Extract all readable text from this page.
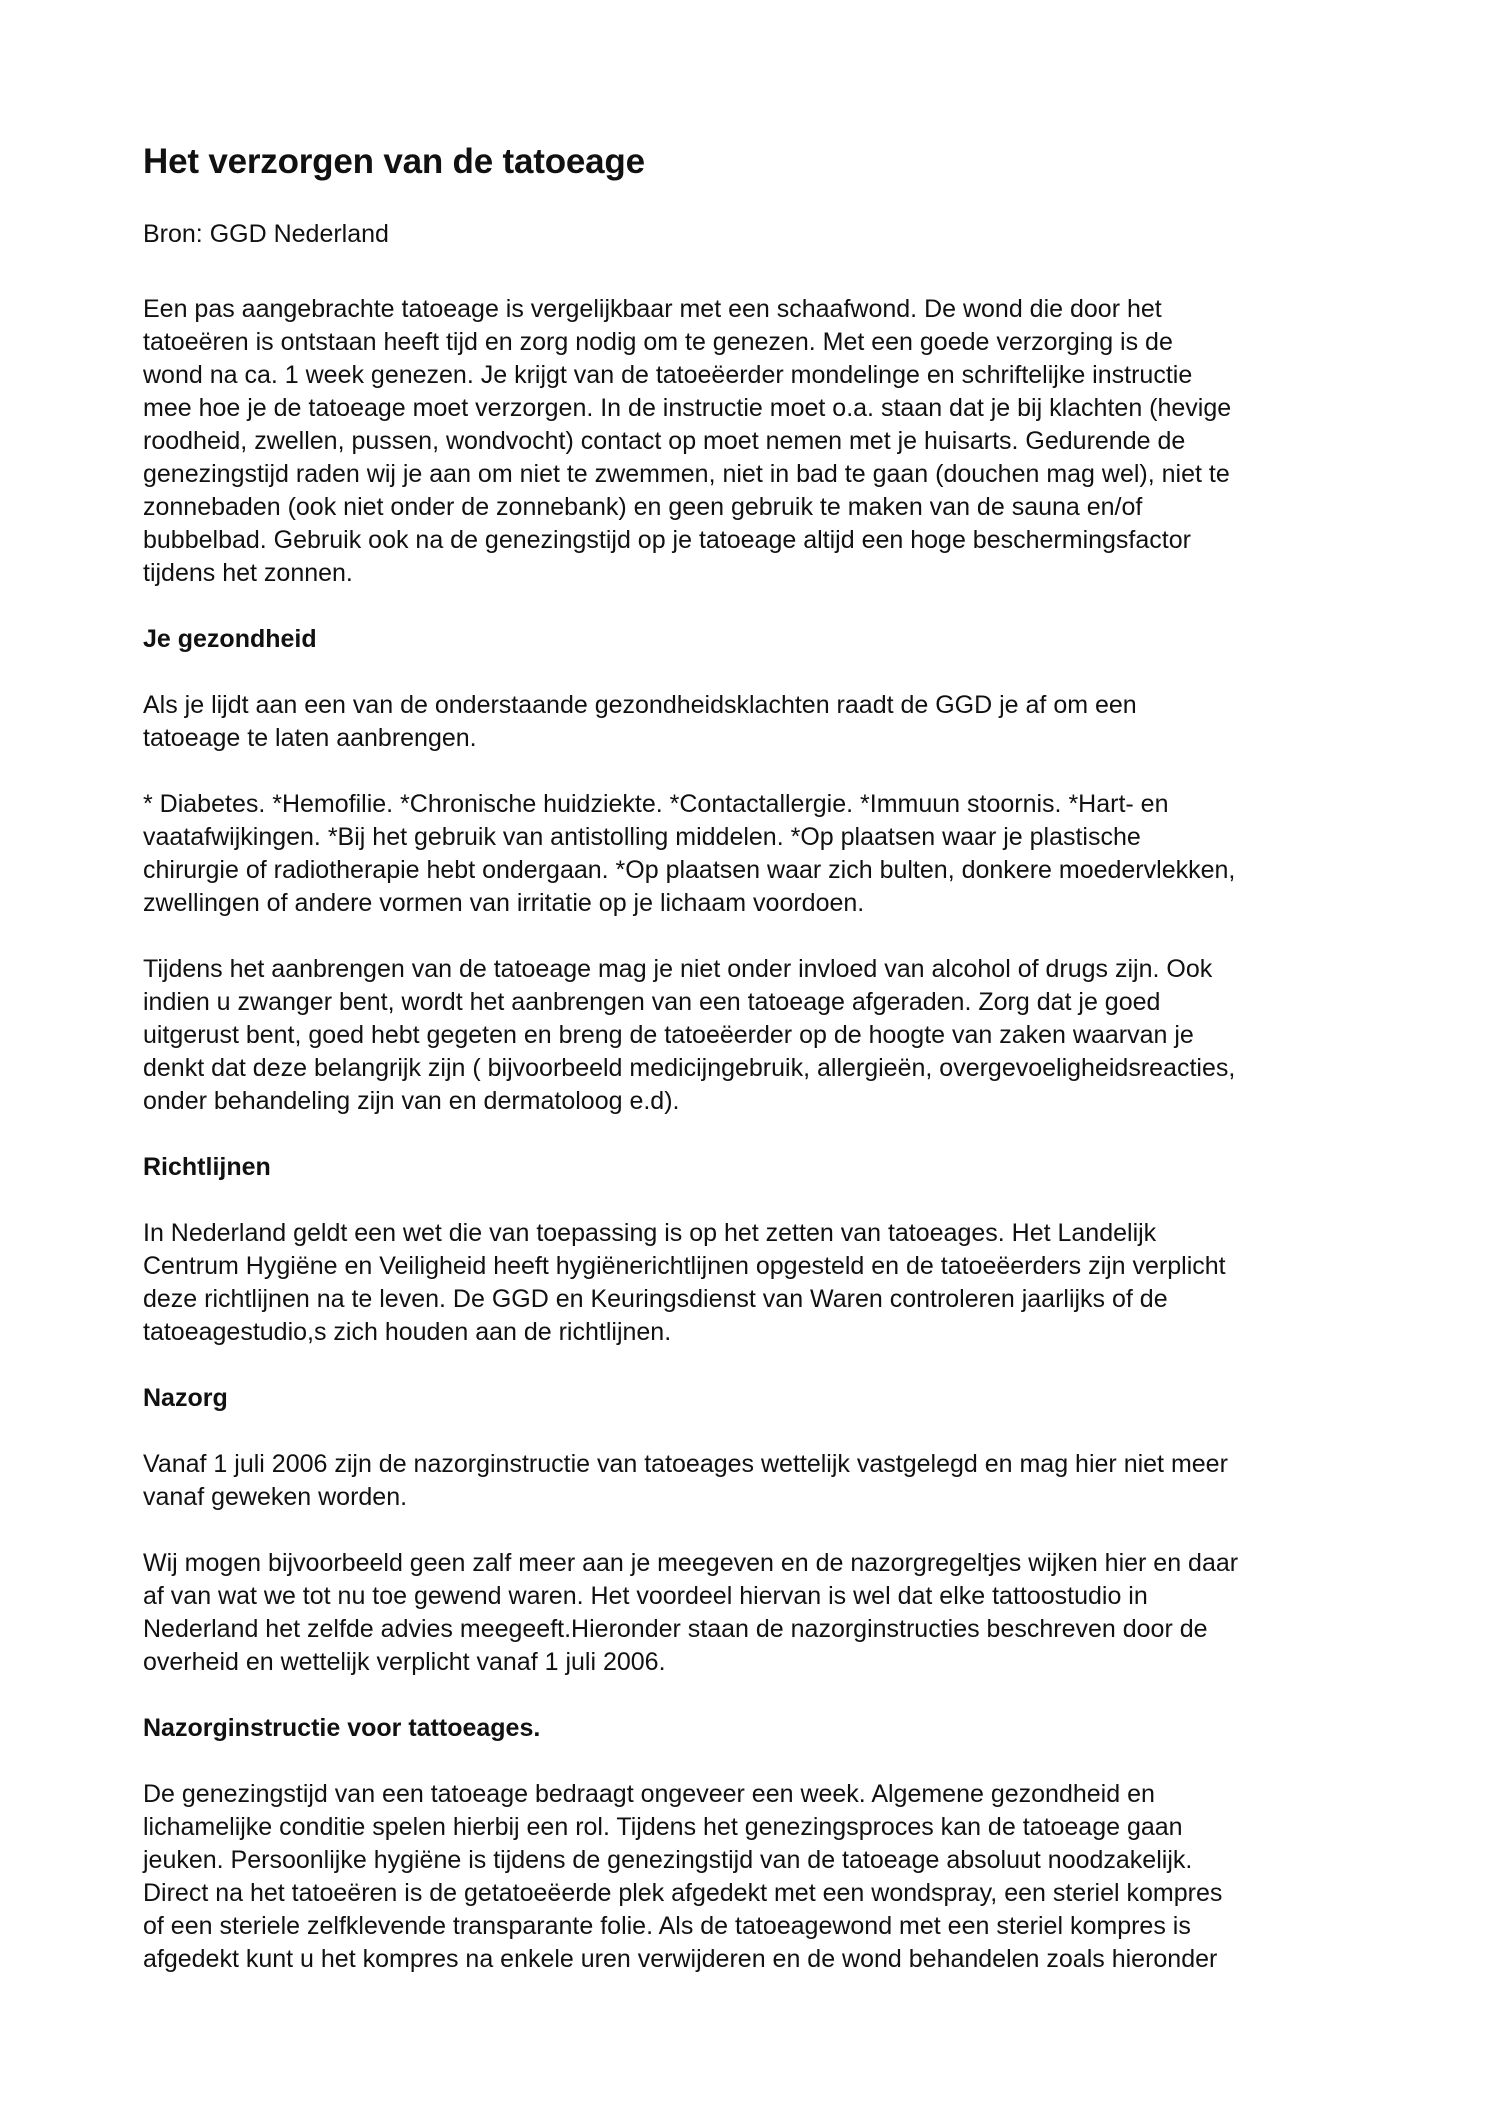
Het verzorgen van de tatoeage

Bron: GGD Nederland

Een pas aangebrachte tatoeage is vergelijkbaar met een schaafwond. De wond die door het
tatoeëren is ontstaan heeft tijd en zorg nodig om te genezen. Met een goede verzorging is de
wond na ca. 1 week genezen. Je krijgt van de tatoeëerder mondelinge en schriftelijke instructie
mee hoe je de tatoeage moet verzorgen. In de instructie moet o.a. staan dat je bij klachten (hevige
roodheid, zwellen, pussen, wondvocht) contact op moet nemen met je huisarts. Gedurende de
genezingstijd raden wij je aan om niet te zwemmen, niet in bad te gaan (douchen mag wel), niet te
zonnebaden (ook niet onder de zonnebank) en geen gebruik te maken van de sauna en/of
bubbelbad. Gebruik ook na de genezingstijd op je tatoeage altijd een hoge beschermingsfactor
tijdens het zonnen.

Je gezondheid

Als je lijdt aan een van de onderstaande gezondheidsklachten raadt de GGD je af om een
tatoeage te laten aanbrengen.

* Diabetes. *Hemofilie. *Chronische huidziekte. *Contactallergie. *Immuun stoornis. *Hart- en
vaatafwijkingen. *Bij het gebruik van antistolling middelen. *Op plaatsen waar je plastische
chirurgie of radiotherapie hebt ondergaan. *Op plaatsen waar zich bulten, donkere moedervlekken,
zwellingen of andere vormen van irritatie op je lichaam voordoen.

Tijdens het aanbrengen van de tatoeage mag je niet onder invloed van alcohol of drugs zijn. Ook
indien u zwanger bent, wordt het aanbrengen van een tatoeage afgeraden. Zorg dat je goed
uitgerust bent, goed hebt gegeten en breng de tatoeëerder op de hoogte van zaken waarvan je
denkt dat deze belangrijk zijn ( bijvoorbeeld medicijngebruik, allergieën, overgevoeligheidsreacties,
onder behandeling zijn van en dermatoloog e.d).

Richtlijnen

In Nederland geldt een wet die van toepassing is op het zetten van tatoeages. Het Landelijk
Centrum Hygiëne en Veiligheid heeft hygiënerichtlijnen opgesteld en de tatoeëerders zijn verplicht
deze richtlijnen na te leven. De GGD en Keuringsdienst van Waren controleren jaarlijks of de
tatoeagestudio,s zich houden aan de richtlijnen.

Nazorg

Vanaf 1 juli 2006 zijn de nazorginstructie van tatoeages wettelijk vastgelegd en mag hier niet meer
vanaf geweken worden.

Wij mogen bijvoorbeeld geen zalf meer aan je meegeven en de nazorgregeltjes wijken hier en daar
af van wat we tot nu toe gewend waren. Het voordeel hiervan is wel dat elke tattoostudio in
Nederland het zelfde advies meegeeft.Hieronder staan de nazorginstructies beschreven door de
overheid en wettelijk verplicht vanaf 1 juli 2006.

Nazorginstructie voor tattoeages.

De genezingstijd van een tatoeage bedraagt ongeveer een week. Algemene gezondheid en
lichamelijke conditie spelen hierbij een rol. Tijdens het genezingsproces kan de tatoeage gaan
jeuken. Persoonlijke hygiëne is tijdens de genezingstijd van de tatoeage absoluut noodzakelijk.
Direct na het tatoeëren is de getatoeëerde plek afgedekt met een wondspray, een steriel kompres
of een steriele zelfklevende transparante folie. Als de tatoeagewond met een steriel kompres is
afgedekt kunt u het kompres na enkele uren verwijderen en de wond behandelen zoals hieronder
